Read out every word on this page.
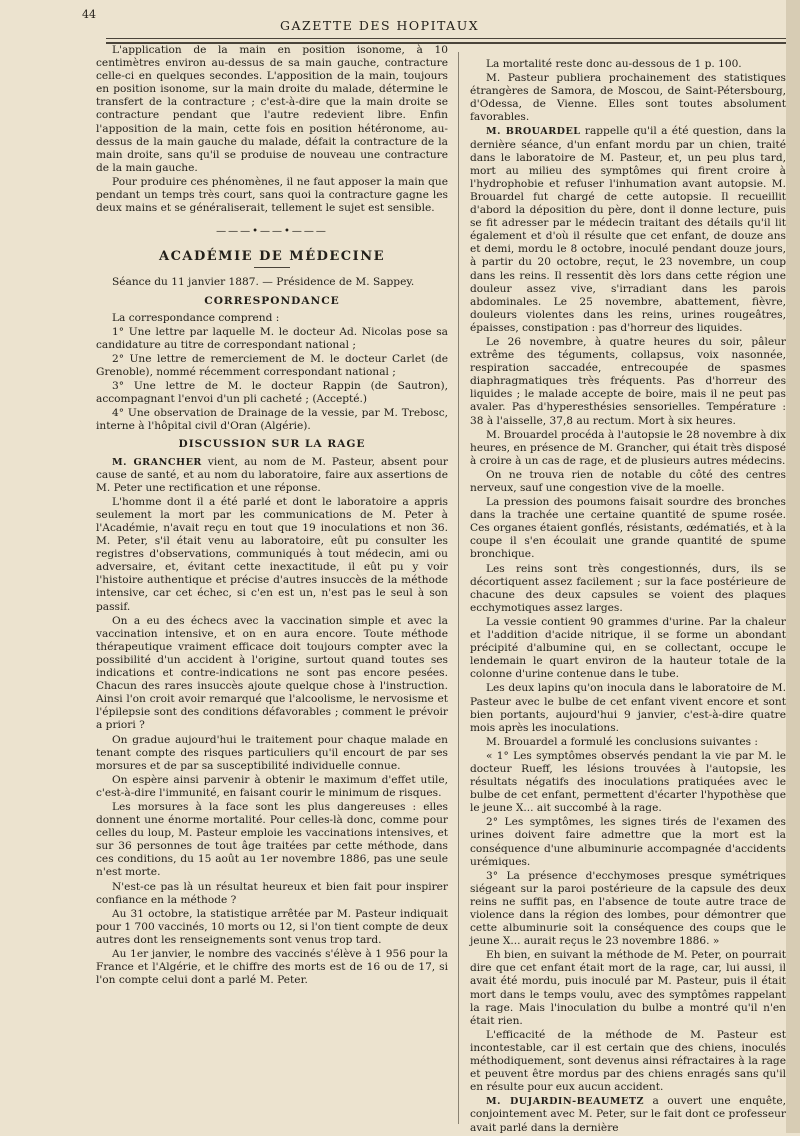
44
GAZETTE DES HOPITAUX

L'application de la main en position isonome, à 10 centimètres environ au-dessus de sa main gauche, contracture celle-ci en quelques secondes. L'apposition de la main, toujours en position isonome, sur la main droite du malade, détermine le transfert de la contracture ; c'est-à-dire que la main droite se contracture pendant que l'autre redevient libre. Enfin l'apposition de la main, cette fois en position hétéronome, au-dessus de la main gauche du malade, défait la contracture de la main droite, sans qu'il se produise de nouveau une contracture de la main gauche.

Pour produire ces phénomènes, il ne faut apposer la main que pendant un temps très court, sans quoi la contracture gagne les deux mains et se généraliserait, tellement le sujet est sensible.

———•——•———
ACADÉMIE DE MÉDECINE

Séance du 11 janvier 1887. — Présidence de M. Sappey.

CORRESPONDANCE

La correspondance comprend :

1° Une lettre par laquelle M. le docteur Ad. Nicolas pose sa candidature au titre de correspondant national ;

2° Une lettre de remerciement de M. le docteur Carlet (de Grenoble), nommé récemment correspondant national ;

3° Une lettre de M. le docteur Rappin (de Sautron), accompagnant l'envoi d'un pli cacheté ; (Accepté.)

4° Une observation de Drainage de la vessie, par M. Trebosc, interne à l'hôpital civil d'Oran (Algérie).

DISCUSSION SUR LA RAGE

M. GRANCHER vient, au nom de M. Pasteur, absent pour cause de santé, et au nom du laboratoire, faire aux assertions de M. Peter une rectification et une réponse.

L'homme dont il a été parlé et dont le laboratoire a appris seulement la mort par les communications de M. Peter à l'Académie, n'avait reçu en tout que 19 inoculations et non 36. M. Peter, s'il était venu au laboratoire, eût pu consulter les registres d'observations, communiqués à tout médecin, ami ou adversaire, et, évitant cette inexactitude, il eût pu y voir l'histoire authentique et précise d'autres insuccès de la méthode intensive, car cet échec, si c'en est un, n'est pas le seul à son passif.

On a eu des échecs avec la vaccination simple et avec la vaccination intensive, et on en aura encore. Toute méthode thérapeutique vraiment efficace doit toujours compter avec la possibilité d'un accident à l'origine, surtout quand toutes ses indications et contre-indications ne sont pas encore pesées. Chacun des rares insuccès ajoute quelque chose à l'instruction. Ainsi l'on croit avoir remarqué que l'alcoolisme, le nervosisme et l'épilepsie sont des conditions défavorables ; comment le prévoir a priori ?

On gradue aujourd'hui le traitement pour chaque malade en tenant compte des risques particuliers qu'il encourt de par ses morsures et de par sa susceptibilité individuelle connue.

On espère ainsi parvenir à obtenir le maximum d'effet utile, c'est-à-dire l'immunité, en faisant courir le minimum de risques.

Les morsures à la face sont les plus dangereuses : elles donnent une énorme mortalité. Pour celles-là donc, comme pour celles du loup, M. Pasteur emploie les vaccinations intensives, et sur 36 personnes de tout âge traitées par cette méthode, dans ces conditions, du 15 août au 1er novembre 1886, pas une seule n'est morte.

N'est-ce pas là un résultat heureux et bien fait pour inspirer confiance en la méthode ?

Au 31 octobre, la statistique arrêtée par M. Pasteur indiquait pour 1 700 vaccinés, 10 morts ou 12, si l'on tient compte de deux autres dont les renseignements sont venus trop tard.

Au 1er janvier, le nombre des vaccinés s'élève à 1 956 pour la France et l'Algérie, et le chiffre des morts est de 16 ou de 17, si l'on compte celui dont a parlé M. Peter.

La mortalité reste donc au-dessous de 1 p. 100.

M. Pasteur publiera prochainement des statistiques étrangères de Samora, de Moscou, de Saint-Pétersbourg, d'Odessa, de Vienne. Elles sont toutes absolument favorables.

M. BROUARDEL rappelle qu'il a été question, dans la dernière séance, d'un enfant mordu par un chien, traité dans le laboratoire de M. Pasteur, et, un peu plus tard, mort au milieu des symptômes qui firent croire à l'hydrophobie et refuser l'inhumation avant autopsie. M. Brouardel fut chargé de cette autopsie. Il recueillit d'abord la déposition du père, dont il donne lecture, puis se fit adresser par le médecin traitant des détails qu'il lit également et d'où il résulte que cet enfant, de douze ans et demi, mordu le 8 octobre, inoculé pendant douze jours, à partir du 20 octobre, reçut, le 23 novembre, un coup dans les reins. Il ressentit dès lors dans cette région une douleur assez vive, s'irradiant dans les parois abdominales. Le 25 novembre, abattement, fièvre, douleurs violentes dans les reins, urines rougeâtres, épaisses, constipation : pas d'horreur des liquides.

Le 26 novembre, à quatre heures du soir, pâleur extrême des téguments, collapsus, voix nasonnée, respiration saccadée, entrecoupée de spasmes diaphragmatiques très fréquents. Pas d'horreur des liquides ; le malade accepte de boire, mais il ne peut pas avaler. Pas d'hyperesthésies sensorielles. Température : 38 à l'aisselle, 37,8 au rectum. Mort à six heures.

M. Brouardel procéda à l'autopsie le 28 novembre à dix heures, en présence de M. Grancher, qui était très disposé à croire à un cas de rage, et de plusieurs autres médecins.

On ne trouva rien de notable du côté des centres nerveux, sauf une congestion vive de la moelle.

La pression des poumons faisait sourdre des bronches dans la trachée une certaine quantité de spume rosée. Ces organes étaient gonflés, résistants, œdématiés, et à la coupe il s'en écoulait une grande quantité de spume bronchique.

Les reins sont très congestionnés, durs, ils se décortiquent assez facilement ; sur la face postérieure de chacune des deux capsules se voient des plaques ecchymotiques assez larges.

La vessie contient 90 grammes d'urine. Par la chaleur et l'addition d'acide nitrique, il se forme un abondant précipité d'albumine qui, en se collectant, occupe le lendemain le quart environ de la hauteur totale de la colonne d'urine contenue dans le tube.

Les deux lapins qu'on inocula dans le laboratoire de M. Pasteur avec le bulbe de cet enfant vivent encore et sont bien portants, aujourd'hui 9 janvier, c'est-à-dire quatre mois après les inoculations.

M. Brouardel a formulé les conclusions suivantes :

« 1° Les symptômes observés pendant la vie par M. le docteur Rueff, les lésions trouvées à l'autopsie, les résultats négatifs des inoculations pratiquées avec le bulbe de cet enfant, permettent d'écarter l'hypothèse que le jeune X... ait succombé à la rage.

2° Les symptômes, les signes tirés de l'examen des urines doivent faire admettre que la mort est la conséquence d'une albuminurie accompagnée d'accidents urémiques.

3° La présence d'ecchymoses presque symétriques siégeant sur la paroi postérieure de la capsule des deux reins ne suffit pas, en l'absence de toute autre trace de violence dans la région des lombes, pour démontrer que cette albuminurie soit la conséquence des coups que le jeune X... aurait reçus le 23 novembre 1886. »

Eh bien, en suivant la méthode de M. Peter, on pourrait dire que cet enfant était mort de la rage, car, lui aussi, il avait été mordu, puis inoculé par M. Pasteur, puis il était mort dans le temps voulu, avec des symptômes rappelant la rage. Mais l'inoculation du bulbe a montré qu'il n'en était rien.

L'efficacité de la méthode de M. Pasteur est incontestable, car il est certain que des chiens, inoculés méthodiquement, sont devenus ainsi réfractaires à la rage et peuvent être mordus par des chiens enragés sans qu'il en résulte pour eux aucun accident.

M. DUJARDIN-BEAUMETZ a ouvert une enquête, conjointement avec M. Peter, sur le fait dont ce professeur avait parlé dans la dernière
